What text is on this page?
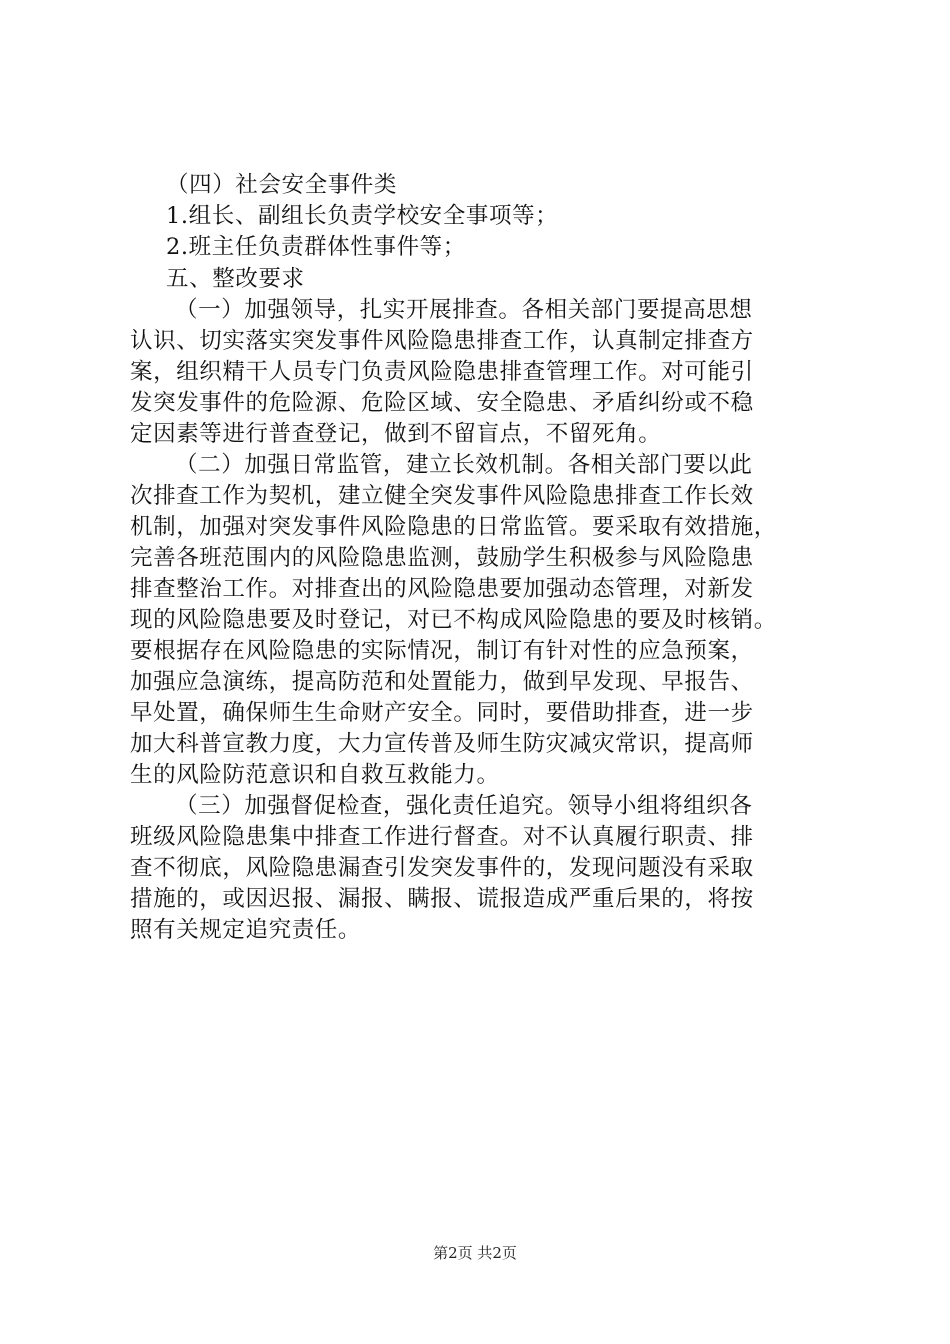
（四）社会安全事件类
1.组长、副组长负责学校安全事项等；
2.班主任负责群体性事件等；
五、整改要求
（一）加强领导，扎实开展排查。各相关部门要提高思想
认识、切实落实突发事件风险隐患排查工作，认真制定排查方
案，组织精干人员专门负责风险隐患排查管理工作。对可能引
发突发事件的危险源、危险区域、安全隐患、矛盾纠纷或不稳
定因素等进行普查登记，做到不留盲点，不留死角。
（二）加强日常监管，建立长效机制。各相关部门要以此
次排查工作为契机，建立健全突发事件风险隐患排查工作长效
机制，加强对突发事件风险隐患的日常监管。要采取有效措施，
完善各班范围内的风险隐患监测，鼓励学生积极参与风险隐患
排查整治工作。对排查出的风险隐患要加强动态管理，对新发
现的风险隐患要及时登记，对已不构成风险隐患的要及时核销。
要根据存在风险隐患的实际情况，制订有针对性的应急预案，
加强应急演练，提高防范和处置能力，做到早发现、早报告、
早处置，确保师生生命财产安全。同时，要借助排查，进一步
加大科普宣教力度，大力宣传普及师生防灾减灾常识，提高师
生的风险防范意识和自救互救能力。
（三）加强督促检查，强化责任追究。领导小组将组织各
班级风险隐患集中排查工作进行督查。对不认真履行职责、排
查不彻底，风险隐患漏查引发突发事件的，发现问题没有采取
措施的，或因迟报、漏报、瞒报、谎报造成严重后果的，将按
照有关规定追究责任。
第2页 共2页
